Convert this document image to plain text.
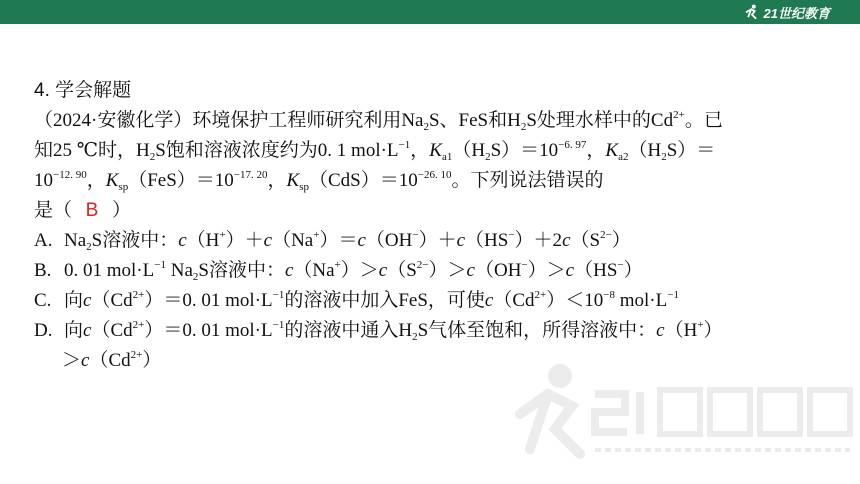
21世纪教育
4. 学会解题

（2024·安徽化学）环境保护工程师研究利用$Na_2S$、FeS和$H_2S$处理水样中的$Cd^{2+}$。已
知25 ℃时，$H_2S$饱和溶液浓度约为0. 1 $mol\cdot L^{-1}$，$K_{a1}(H_2S)=10^{-6. 97}$，$K_{a2}(H_2S)=$
$10^{-12. 90}$，$K_{sp}(FeS)=10^{-17. 20}$，$K_{sp}(CdS)=10^{-26. 10}$。下列说法错误的
是（ B ）

A. $Na_2S$溶液中：$c(H^+)+c(Na^+)=c(OH^-)+c(HS^-)+2c(S^{2-})$

B. 0. 01 $mol\cdot L^{-1}$ $Na_2S$溶液中：$c(Na^+)>c(S^{2-})>c(OH^-)>c(HS^-)$

C. 向$c(Cd^{2+})=0$. 01 $mol\cdot L^{-1}$的溶液中加入FeS，可使$c(Cd^{2+})<10^{-8}$ $mol\cdot L^{-1}$

D. 向$c(Cd^{2+})=0$. 01 $mol\cdot L^{-1}$的溶液中通入$H_2S$气体至饱和，所得溶液中：c（H+）

$>c(Cd^{2+})$
